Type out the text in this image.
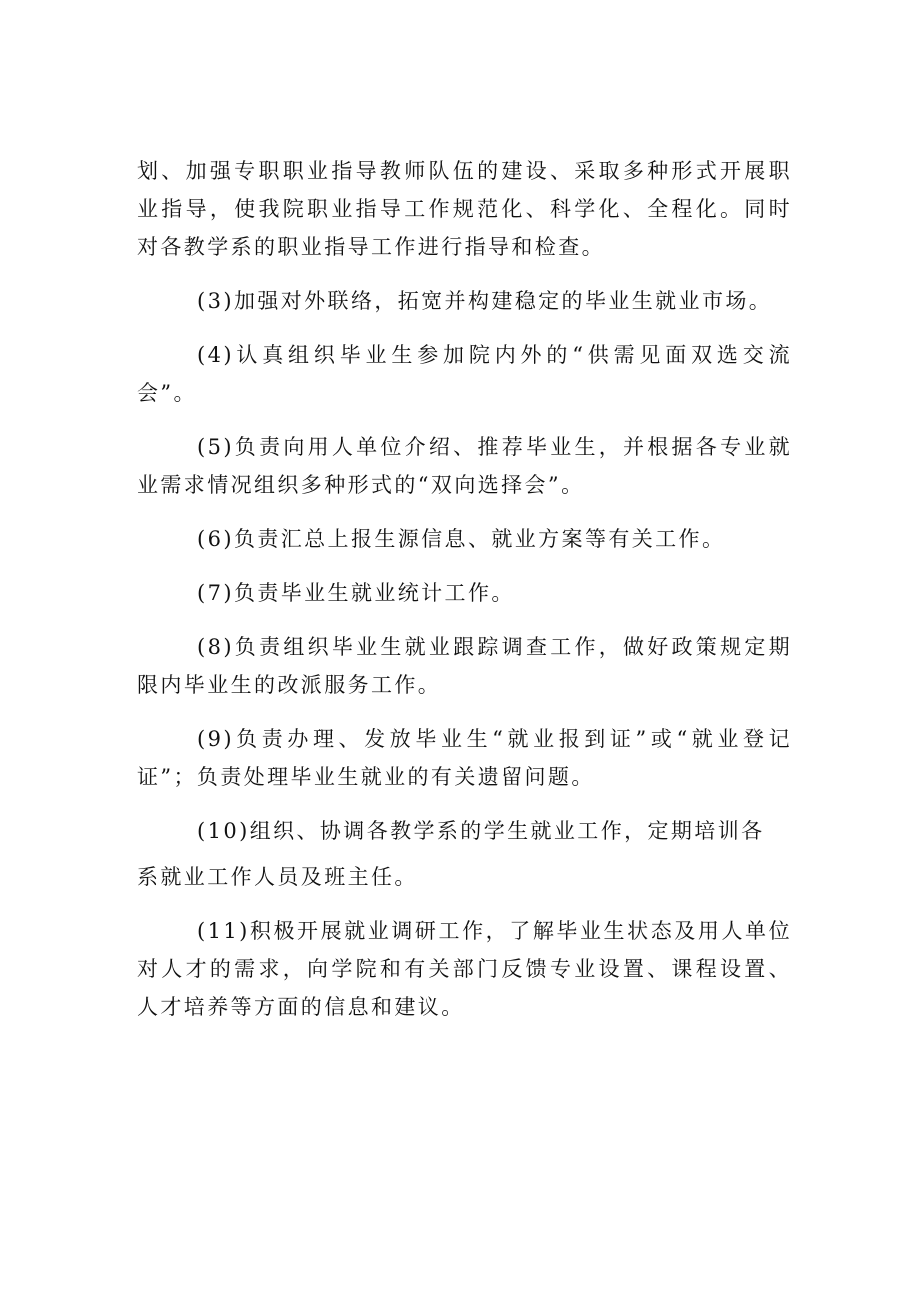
划、加强专职职业指导教师队伍的建设、采取多种形式开展职业指导，使我院职业指导工作规范化、科学化、全程化。同时对各教学系的职业指导工作进行指导和检查。

(3)加强对外联络，拓宽并构建稳定的毕业生就业市场。

(4)认真组织毕业生参加院内外的“供需见面双选交流会”。

(5)负责向用人单位介绍、推荐毕业生，并根据各专业就业需求情况组织多种形式的“双向选择会”。

(6)负责汇总上报生源信息、就业方案等有关工作。

(7)负责毕业生就业统计工作。

(8)负责组织毕业生就业跟踪调查工作，做好政策规定期限内毕业生的改派服务工作。

(9)负责办理、发放毕业生“就业报到证”或“就业登记证”；负责处理毕业生就业的有关遗留问题。

(10)组织、协调各教学系的学生就业工作，定期培训各

系就业工作人员及班主任。

(11)积极开展就业调研工作，了解毕业生状态及用人单位对人才的需求，向学院和有关部门反馈专业设置、课程设置、人才培养等方面的信息和建议。
